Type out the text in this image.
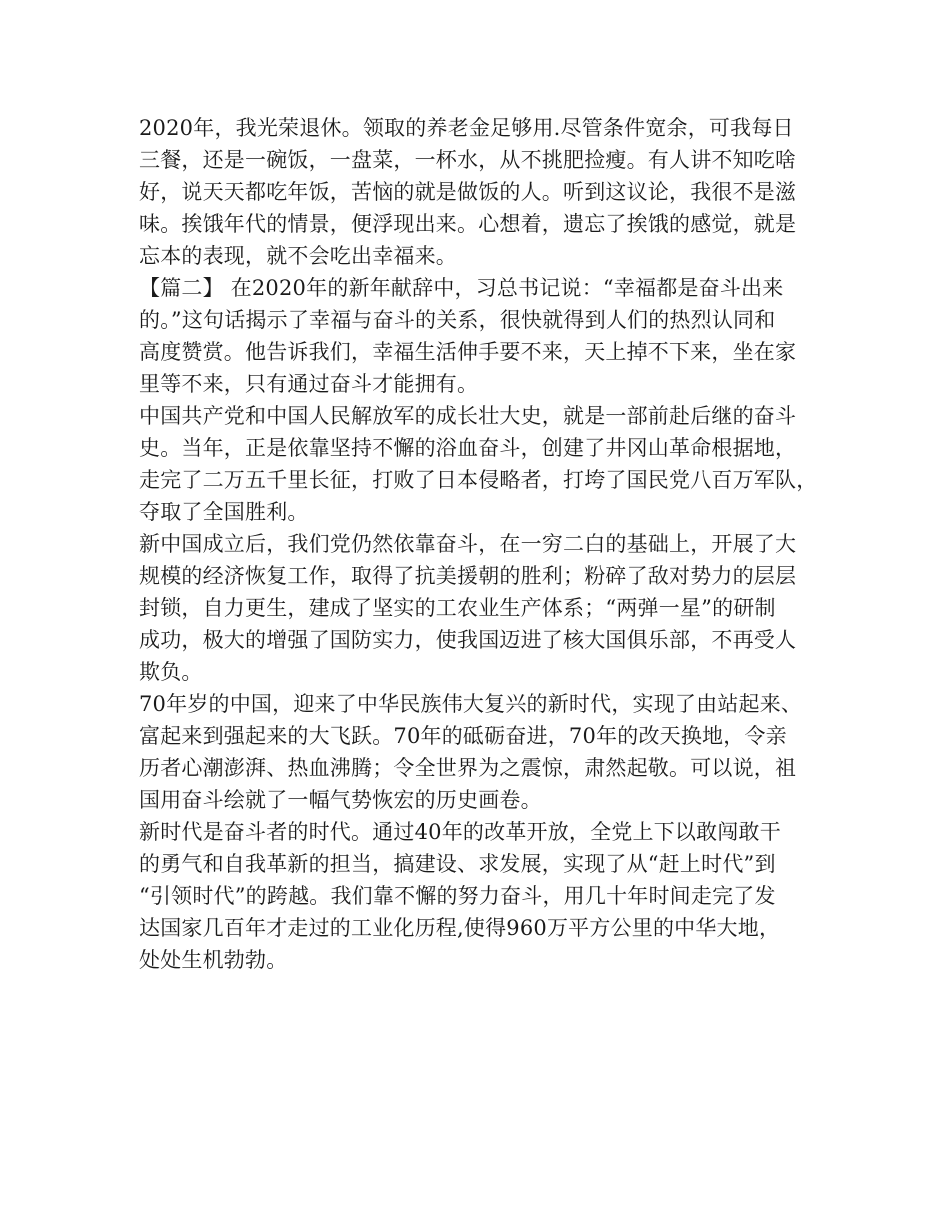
2020年，我光荣退休。领取的养老金足够用.尽管条件宽余，可我每日
三餐，还是一碗饭，一盘菜，一杯水，从不挑肥捡瘦。有人讲不知吃啥
好，说天天都吃年饭，苦恼的就是做饭的人。听到这议论，我很不是滋
味。挨饿年代的情景，便浮现出来。心想着，遗忘了挨饿的感觉，就是
忘本的表现，就不会吃出幸福来。
【篇二】 在2020年的新年献辞中，习总书记说：“幸福都是奋斗出来
的。”这句话揭示了幸福与奋斗的关系，很快就得到人们的热烈认同和
高度赞赏。他告诉我们，幸福生活伸手要不来，天上掉不下来，坐在家
里等不来，只有通过奋斗才能拥有。
中国共产党和中国人民解放军的成长壮大史，就是一部前赴后继的奋斗
史。当年，正是依靠坚持不懈的浴血奋斗，创建了井冈山革命根据地，
走完了二万五千里长征，打败了日本侵略者，打垮了国民党八百万军队，
夺取了全国胜利。
新中国成立后，我们党仍然依靠奋斗，在一穷二白的基础上，开展了大
规模的经济恢复工作，取得了抗美援朝的胜利；粉碎了敌对势力的层层
封锁，自力更生，建成了坚实的工农业生产体系；“两弹一星”的研制
成功，极大的增强了国防实力，使我国迈进了核大国俱乐部，不再受人
欺负。
70年岁的中国，迎来了中华民族伟大复兴的新时代，实现了由站起来、
富起来到强起来的大飞跃。70年的砥砺奋进，70年的改天换地，令亲
历者心潮澎湃、热血沸腾；令全世界为之震惊，肃然起敬。可以说，祖
国用奋斗绘就了一幅气势恢宏的历史画卷。
新时代是奋斗者的时代。通过40年的改革开放，全党上下以敢闯敢干
的勇气和自我革新的担当，搞建设、求发展，实现了从“赶上时代”到
“引领时代”的跨越。我们靠不懈的努力奋斗，用几十年时间走完了发
达国家几百年才走过的工业化历程,使得960万平方公里的中华大地，
处处生机勃勃。
